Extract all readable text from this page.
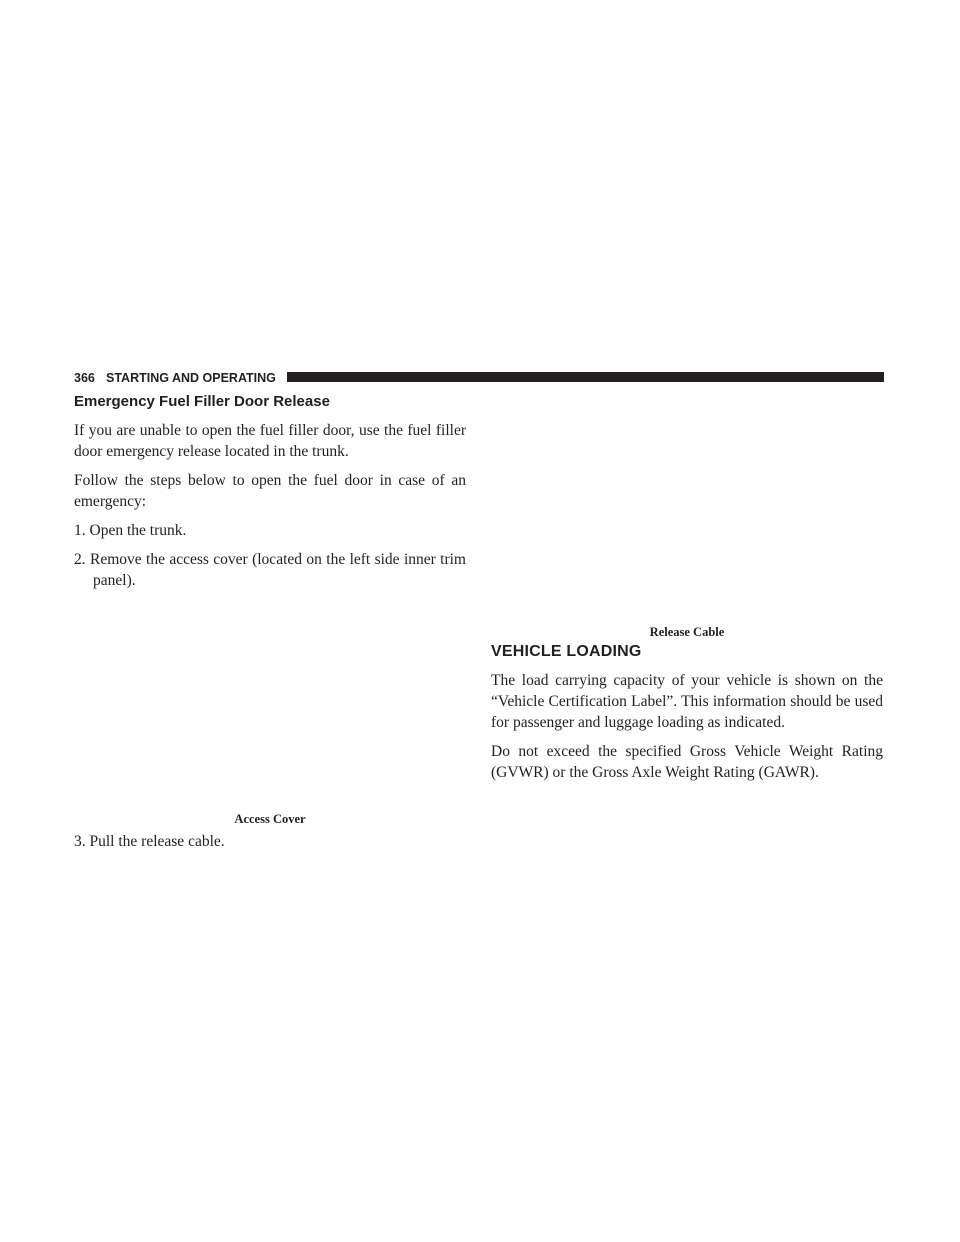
366 STARTING AND OPERATING
Emergency Fuel Filler Door Release

If you are unable to open the fuel filler door, use the fuel filler door emergency release located in the trunk.

Follow the steps below to open the fuel door in case of an emergency:

1. Open the trunk.
2. Remove the access cover (located on the left side inner trim panel).
Access Cover
3. Pull the release cable.
Release Cable
VEHICLE LOADING

The load carrying capacity of your vehicle is shown on the “Vehicle Certification Label”. This information should be used for passenger and luggage loading as indicated.

Do not exceed the specified Gross Vehicle Weight Rating (GVWR) or the Gross Axle Weight Rating (GAWR).
